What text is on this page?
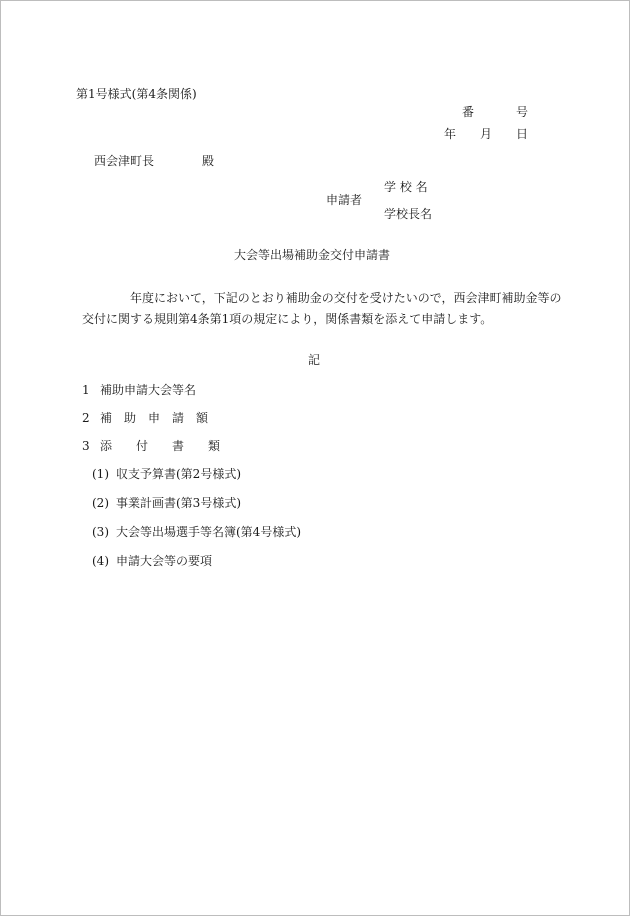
第1号様式(第4条関係)
番	号
年 月 日
西会津町長	殿
学 校 名
申請者
学校長名
大会等出場補助金交付申請書
年度において，下記のとおり補助金の交付を受けたいので，西会津町補助金等の
交付に関する規則第4条第1項の規定により，関係書類を添えて申請します。
記
1 補助申請大会等名
2 補　助　申　請　額
3 添　　付　　書　　類
(1) 収支予算書(第2号様式)
(2) 事業計画書(第3号様式)
(3) 大会等出場選手等名簿(第4号様式)
(4) 申請大会等の要項
